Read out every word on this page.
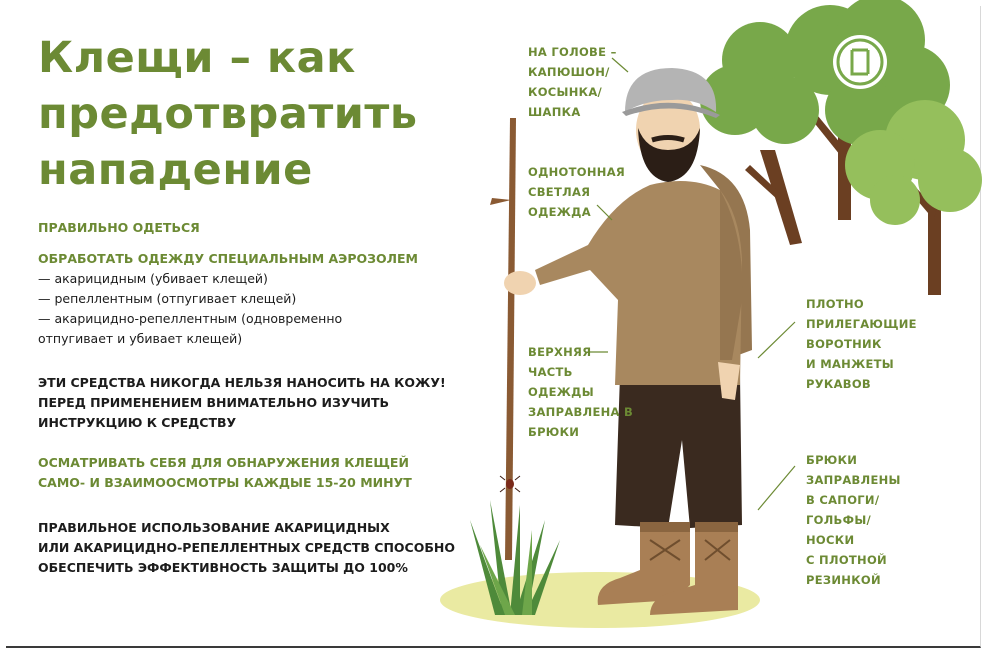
Клещи – как
предотвратить
нападение
ПРАВИЛЬНО ОДЕТЬСЯ
ОБРАБОТАТЬ ОДЕЖДУ СПЕЦИАЛЬНЫМ АЭРОЗОЛЕМ
— акарицидным (убивает клещей)
— репеллентным (отпугивает клещей)
— акарицидно-репеллентным (одновременно
отпугивает и убивает клещей)
ЭТИ СРЕДСТВА НИКОГДА НЕЛЬЗЯ НАНОСИТЬ НА КОЖУ!
ПЕРЕД ПРИМЕНЕНИЕМ ВНИМАТЕЛЬНО ИЗУЧИТЬ
ИНСТРУКЦИЮ К СРЕДСТВУ
ОСМАТРИВАТЬ СЕБЯ ДЛЯ ОБНАРУЖЕНИЯ КЛЕЩЕЙ
САМО- И ВЗАИМООСМОТРЫ КАЖДЫЕ 15-20 МИНУТ
ПРАВИЛЬНОЕ ИСПОЛЬЗОВАНИЕ АКАРИЦИДНЫХ
ИЛИ АКАРИЦИДНО-РЕПЕЛЛЕНТНЫХ СРЕДСТВ СПОСОБНО
ОБЕСПЕЧИТЬ ЭФФЕКТИВНОСТЬ ЗАЩИТЫ ДО 100%
НА ГОЛОВЕ –
КАПЮШОН/
КОСЫНКА/
ШАПКА
ОДНОТОННАЯ
СВЕТЛАЯ
ОДЕЖДА
ВЕРХНЯЯ
ЧАСТЬ
ОДЕЖДЫ
ЗАПРАВЛЕНА В
БРЮКИ
ПЛОТНО
ПРИЛЕГАЮЩИЕ
ВОРОТНИК
И МАНЖЕТЫ
РУКАВОВ
БРЮКИ
ЗАПРАВЛЕНЫ
В САПОГИ/
ГОЛЬФЫ/
НОСКИ
С ПЛОТНОЙ
РЕЗИНКОЙ
